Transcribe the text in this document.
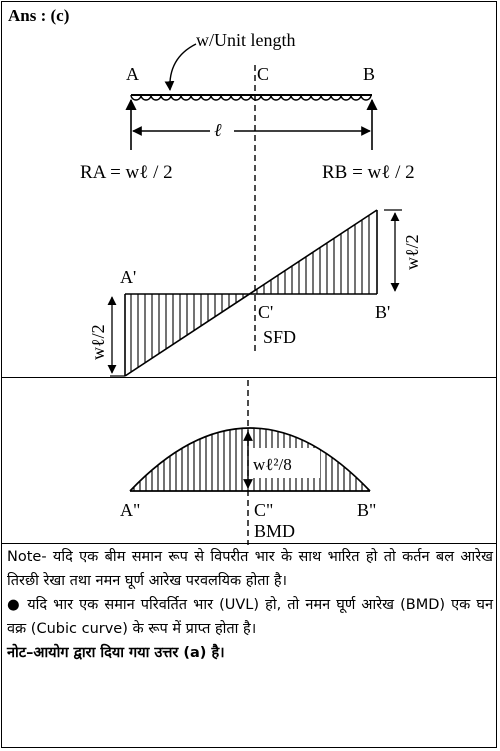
Ans : (c)
w/Unit length
A	C	B
ℓ
RA = wℓ / 2	RB = wℓ / 2
wℓ/2
wℓ/2
A'
B'
C'
SFD
wℓ²/8
A"	B"
C"
BMD

Note- यदि एक बीम समान रूप से विपरीत भार के साथ भारित हो तो कर्तन बल आरेख तिरछी रेखा तथा नमन घूर्ण आरेख परवलयिक होता है।

● यदि भार एक समान परिवर्तित भार (UVL) हो, तो नमन घूर्ण आरेख (BMD) एक घन वक्र (Cubic curve) के रूप में प्राप्त होता है।

नोट–आयोग द्वारा दिया गया उत्तर (a) है।
